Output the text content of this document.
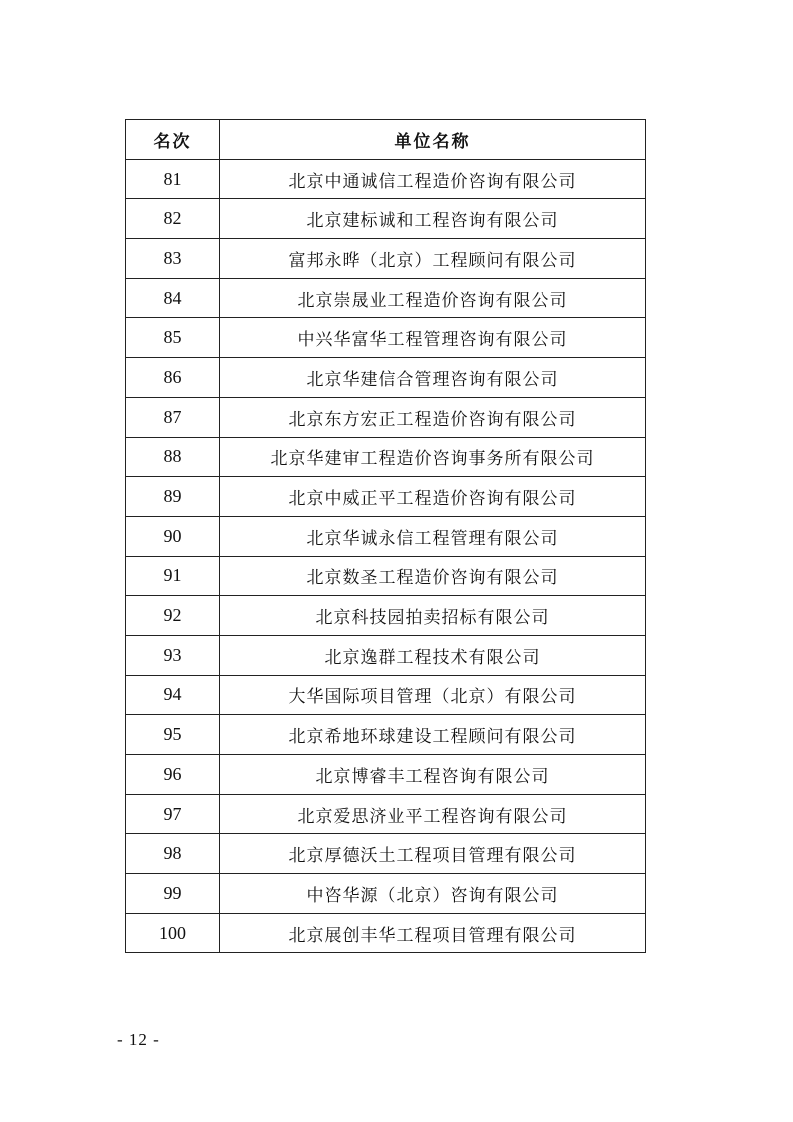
名次	单位名称
81	北京中通诚信工程造价咨询有限公司
82	北京建标诚和工程咨询有限公司
83	富邦永晔（北京）工程顾问有限公司
84	北京崇晟业工程造价咨询有限公司
85	中兴华富华工程管理咨询有限公司
86	北京华建信合管理咨询有限公司
87	北京东方宏正工程造价咨询有限公司
88	北京华建审工程造价咨询事务所有限公司
89	北京中威正平工程造价咨询有限公司
90	北京华诚永信工程管理有限公司
91	北京数圣工程造价咨询有限公司
92	北京科技园拍卖招标有限公司
93	北京逸群工程技术有限公司
94	大华国际项目管理（北京）有限公司
95	北京希地环球建设工程顾问有限公司
96	北京博睿丰工程咨询有限公司
97	北京爱思济业平工程咨询有限公司
98	北京厚德沃土工程项目管理有限公司
99	中咨华源（北京）咨询有限公司
100	北京展创丰华工程项目管理有限公司
- 12 -
